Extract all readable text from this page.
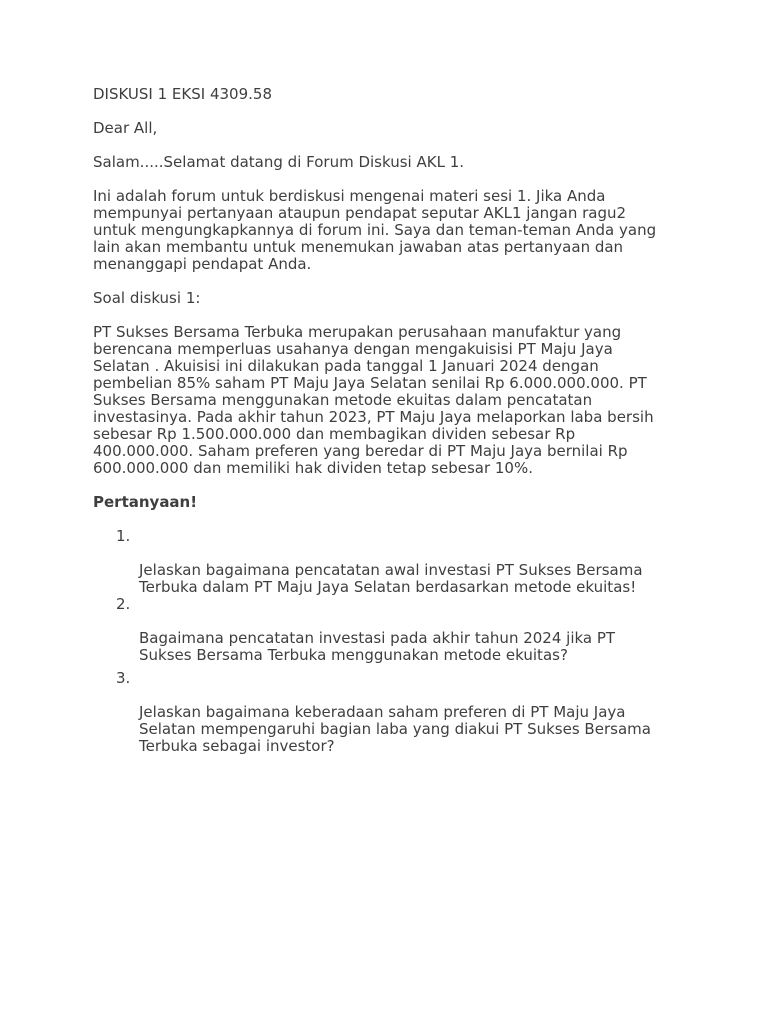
DISKUSI 1 EKSI 4309.58

Dear All,

Salam.....Selamat datang di Forum Diskusi AKL 1.

Ini adalah forum untuk berdiskusi mengenai materi sesi 1. Jika Anda
mempunyai pertanyaan ataupun pendapat seputar AKL1 jangan ragu2
untuk mengungkapkannya di forum ini. Saya dan teman-teman Anda yang
lain akan membantu untuk menemukan jawaban atas pertanyaan dan
menanggapi pendapat Anda.

Soal diskusi 1:

PT Sukses Bersama Terbuka merupakan perusahaan manufaktur yang
berencana memperluas usahanya dengan mengakuisisi PT Maju Jaya
Selatan . Akuisisi ini dilakukan pada tanggal 1 Januari 2024 dengan
pembelian 85% saham PT Maju Jaya Selatan senilai Rp 6.000.000.000. PT
Sukses Bersama menggunakan metode ekuitas dalam pencatatan
investasinya. Pada akhir tahun 2023, PT Maju Jaya melaporkan laba bersih
sebesar Rp 1.500.000.000 dan membagikan dividen sebesar Rp
400.000.000. Saham preferen yang beredar di PT Maju Jaya bernilai Rp
600.000.000 dan memiliki hak dividen tetap sebesar 10%.

Pertanyaan!

1.

Jelaskan bagaimana pencatatan awal investasi PT Sukses Bersama
Terbuka dalam PT Maju Jaya Selatan berdasarkan metode ekuitas!

2.

Bagaimana pencatatan investasi pada akhir tahun 2024 jika PT
Sukses Bersama Terbuka menggunakan metode ekuitas?

3.

Jelaskan bagaimana keberadaan saham preferen di PT Maju Jaya
Selatan mempengaruhi bagian laba yang diakui PT Sukses Bersama
Terbuka sebagai investor?
